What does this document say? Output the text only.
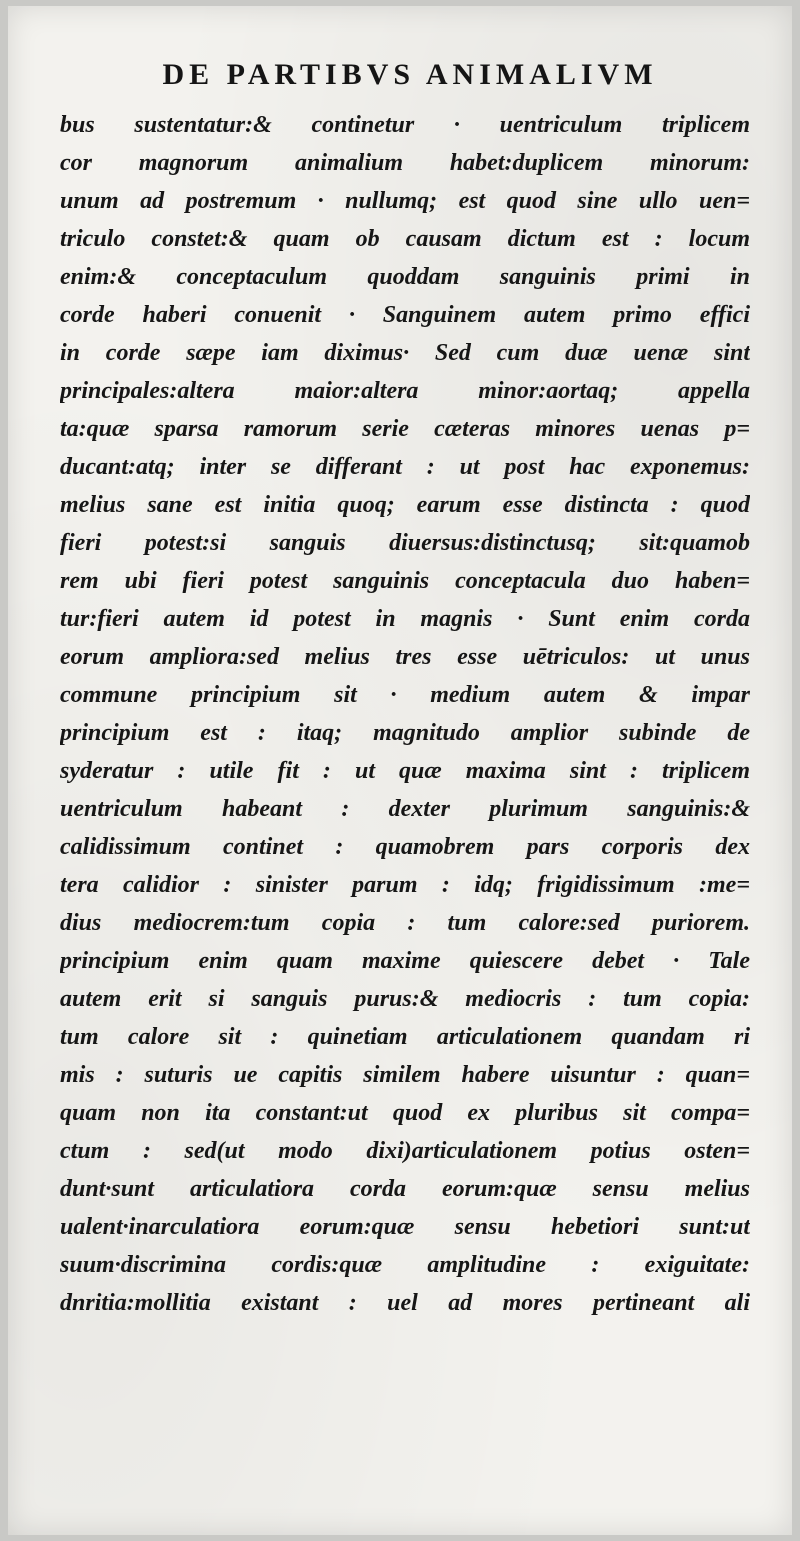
DE PARTIBVS ANIMALIVM
bus sustentatur:& continetur · uentriculum triplicem
cor magnorum animalium habet:duplicem minorum:
unum ad postremum · nullumq; est quod sine ullo uen=
triculo constet:& quam ob causam dictum est : locum
enim:& conceptaculum quoddam sanguinis primi in
corde haberi conuenit · Sanguinem autem primo effici
in corde sæpe iam diximus· Sed cum duæ uenæ sint
principales:altera maior:altera minor:aortaq; appella
ta:quæ sparsa ramorum serie cæteras minores uenas p=
ducant:atq; inter se differant : ut post hac exponemus:
melius sane est initia quoq; earum esse distincta : quod
fieri potest:si sanguis diuersus:distinctusq; sit:quamob
rem ubi fieri potest sanguinis conceptacula duo haben=
tur:fieri autem id potest in magnis · Sunt enim corda
eorum ampliora:sed melius tres esse uētriculos: ut unus
commune principium sit · medium autem & impar
principium est : itaq; magnitudo amplior subinde de
syderatur : utile fit : ut quæ maxima sint : triplicem
uentriculum habeant : dexter plurimum sanguinis:&
calidissimum continet : quamobrem pars corporis dex
tera calidior : sinister parum : idq; frigidissimum :me=
dius mediocrem:tum copia : tum calore:sed puriorem.
principium enim quam maxime quiescere debet · Tale
autem erit si sanguis purus:& mediocris : tum copia:
tum calore sit : quinetiam articulationem quandam ri
mis : suturis ue capitis similem habere uisuntur : quan=
quam non ita constant:ut quod ex pluribus sit compa=
ctum : sed(ut modo dixi)articulationem potius osten=
dunt·sunt articulatiora corda eorum:quæ sensu melius
ualent·inarculatiora eorum:quæ sensu hebetiori sunt:ut
suum·discrimina cordis:quæ amplitudine : exiguitate:
dnritia:mollitia existant : uel ad mores pertineant ali
